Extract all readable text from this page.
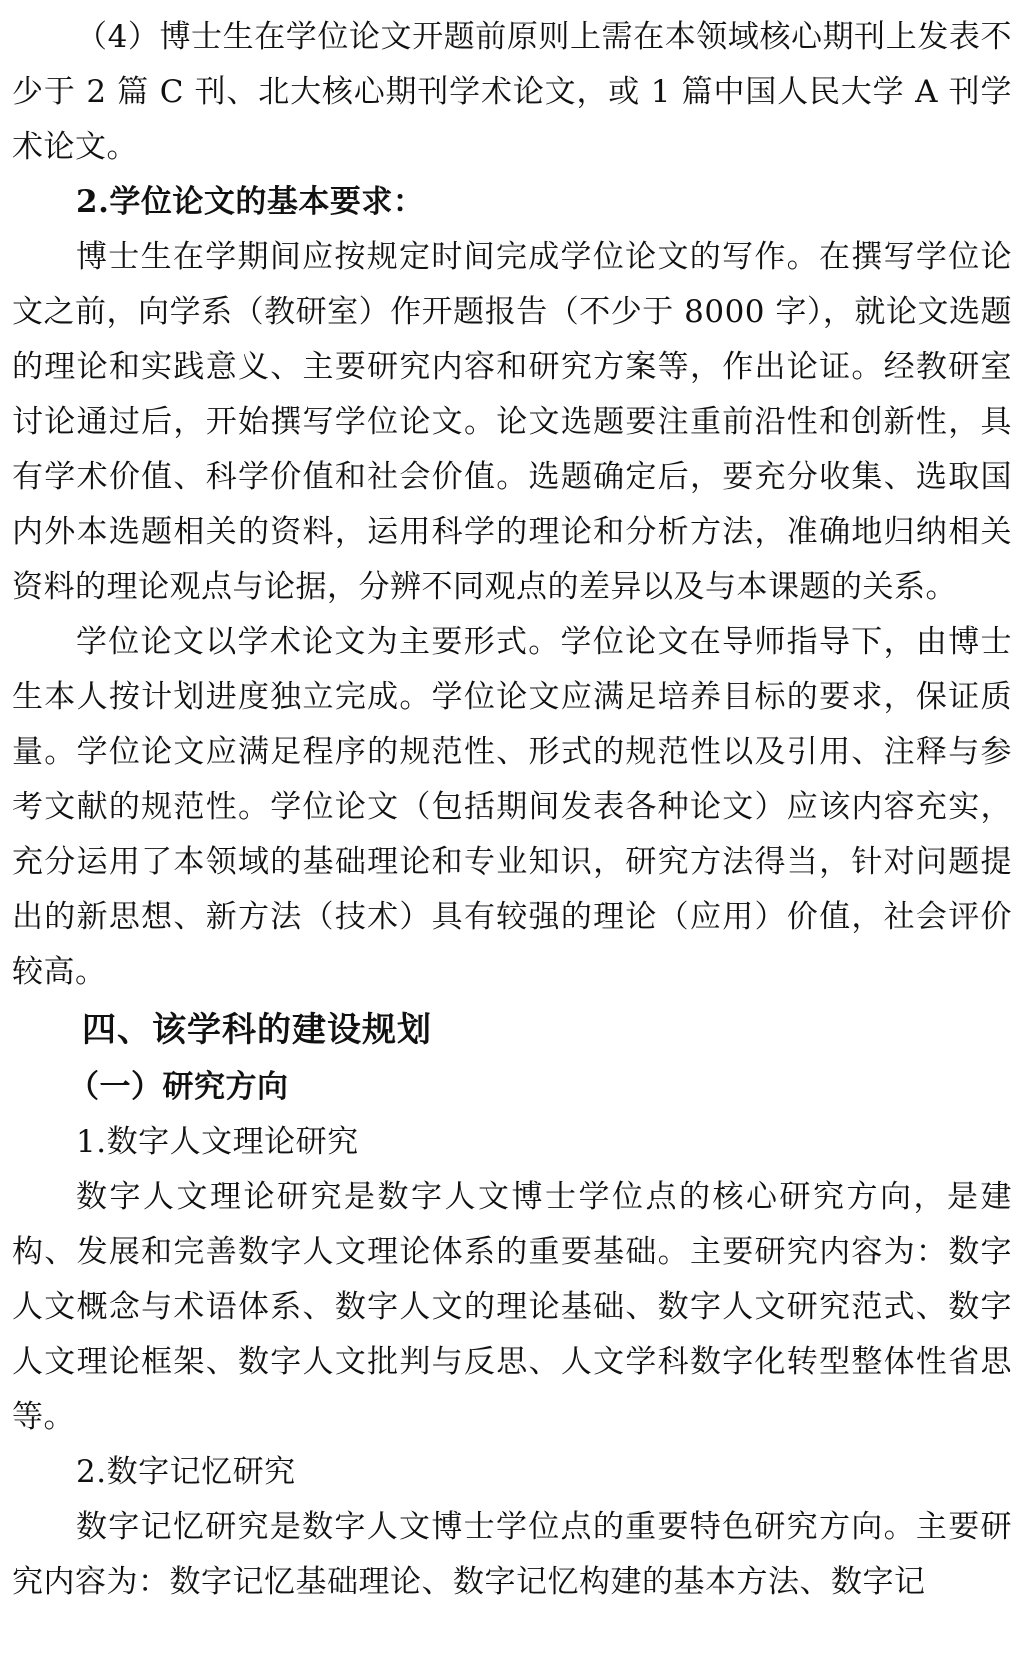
（4）博士生在学位论文开题前原则上需在本领域核心期刊上发表不少于 2 篇 C 刊、北大核心期刊学术论文，或 1 篇中国人民大学 A 刊学术论文。

2.学位论文的基本要求：

博士生在学期间应按规定时间完成学位论文的写作。在撰写学位论文之前，向学系（教研室）作开题报告（不少于 8000 字），就论文选题的理论和实践意义、主要研究内容和研究方案等，作出论证。经教研室讨论通过后，开始撰写学位论文。论文选题要注重前沿性和创新性，具有学术价值、科学价值和社会价值。选题确定后，要充分收集、选取国内外本选题相关的资料，运用科学的理论和分析方法，准确地归纳相关资料的理论观点与论据，分辨不同观点的差异以及与本课题的关系。

学位论文以学术论文为主要形式。学位论文在导师指导下，由博士生本人按计划进度独立完成。学位论文应满足培养目标的要求，保证质量。学位论文应满足程序的规范性、形式的规范性以及引用、注释与参考文献的规范性。学位论文（包括期间发表各种论文）应该内容充实，充分运用了本领域的基础理论和专业知识，研究方法得当，针对问题提出的新思想、新方法（技术）具有较强的理论（应用）价值，社会评价较高。

四、该学科的建设规划
（一）研究方向

1.数字人文理论研究

数字人文理论研究是数字人文博士学位点的核心研究方向，是建构、发展和完善数字人文理论体系的重要基础。主要研究内容为：数字人文概念与术语体系、数字人文的理论基础、数字人文研究范式、数字人文理论框架、数字人文批判与反思、人文学科数字化转型整体性省思等。

2.数字记忆研究

数字记忆研究是数字人文博士学位点的重要特色研究方向。主要研究内容为：数字记忆基础理论、数字记忆构建的基本方法、数字记
